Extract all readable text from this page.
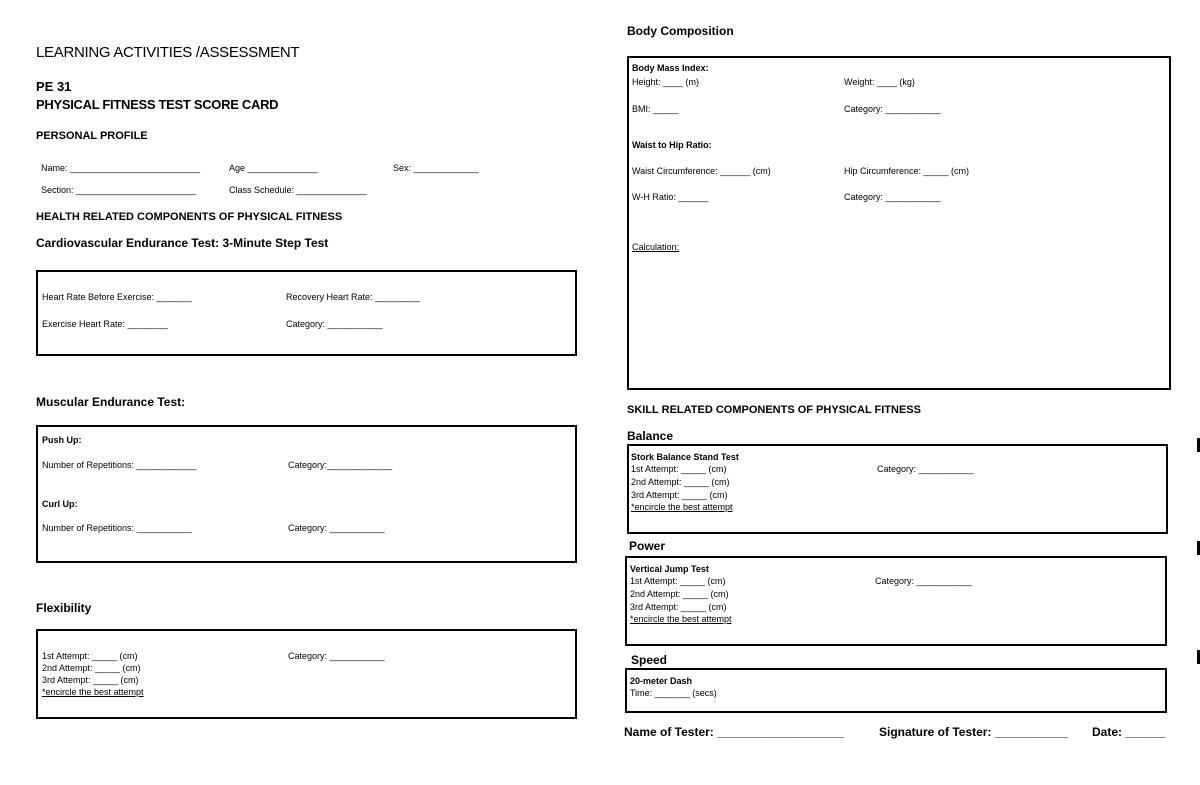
LEARNING ACTIVITIES /ASSESSMENT
PE 31
PHYSICAL FITNESS TEST SCORE CARD
PERSONAL PROFILE
Name: __________________________	Age ______________	Sex: _____________
Section: ________________________	Class Schedule: ______________
HEALTH RELATED COMPONENTS OF PHYSICAL FITNESS
Cardiovascular Endurance Test: 3-Minute Step Test
Heart Rate Before Exercise: _______	Recovery Heart Rate: _________
Exercise Heart Rate: ________	Category: ___________
Muscular Endurance Test:
Push Up:
Number of Repetitions: ____________	Category:_____________
Curl Up:
Number of Repetitions: ___________	Category: ___________
Flexibility
1st Attempt: _____ (cm)
2nd Attempt: _____ (cm)
3rd Attempt: _____ (cm)
*encircle the best attempt
Category: ___________
Body Composition
Body Mass Index:
Height: ____ (m)	Weight: ____ (kg)
BMI: _____	Category: ___________
Waist to Hip Ratio:
Waist Circumference: ______ (cm)	Hip Circumference: _____ (cm)
W-H Ratio: ______	Category: ___________
Calculation:
SKILL RELATED COMPONENTS OF PHYSICAL FITNESS
Balance
Stork Balance Stand Test
1st Attempt: _____ (cm)
2nd Attempt: _____ (cm)
3rd Attempt: _____ (cm)
*encircle the best attempt
Category: ___________
Power
Vertical Jump Test
1st Attempt: _____ (cm)
2nd Attempt: _____ (cm)
3rd Attempt: _____ (cm)
*encircle the best attempt
Category: ___________
Speed
20-meter Dash
Time: _______ (secs)
Name of Tester: ___________________	Signature of Tester: ___________ Date: ______
